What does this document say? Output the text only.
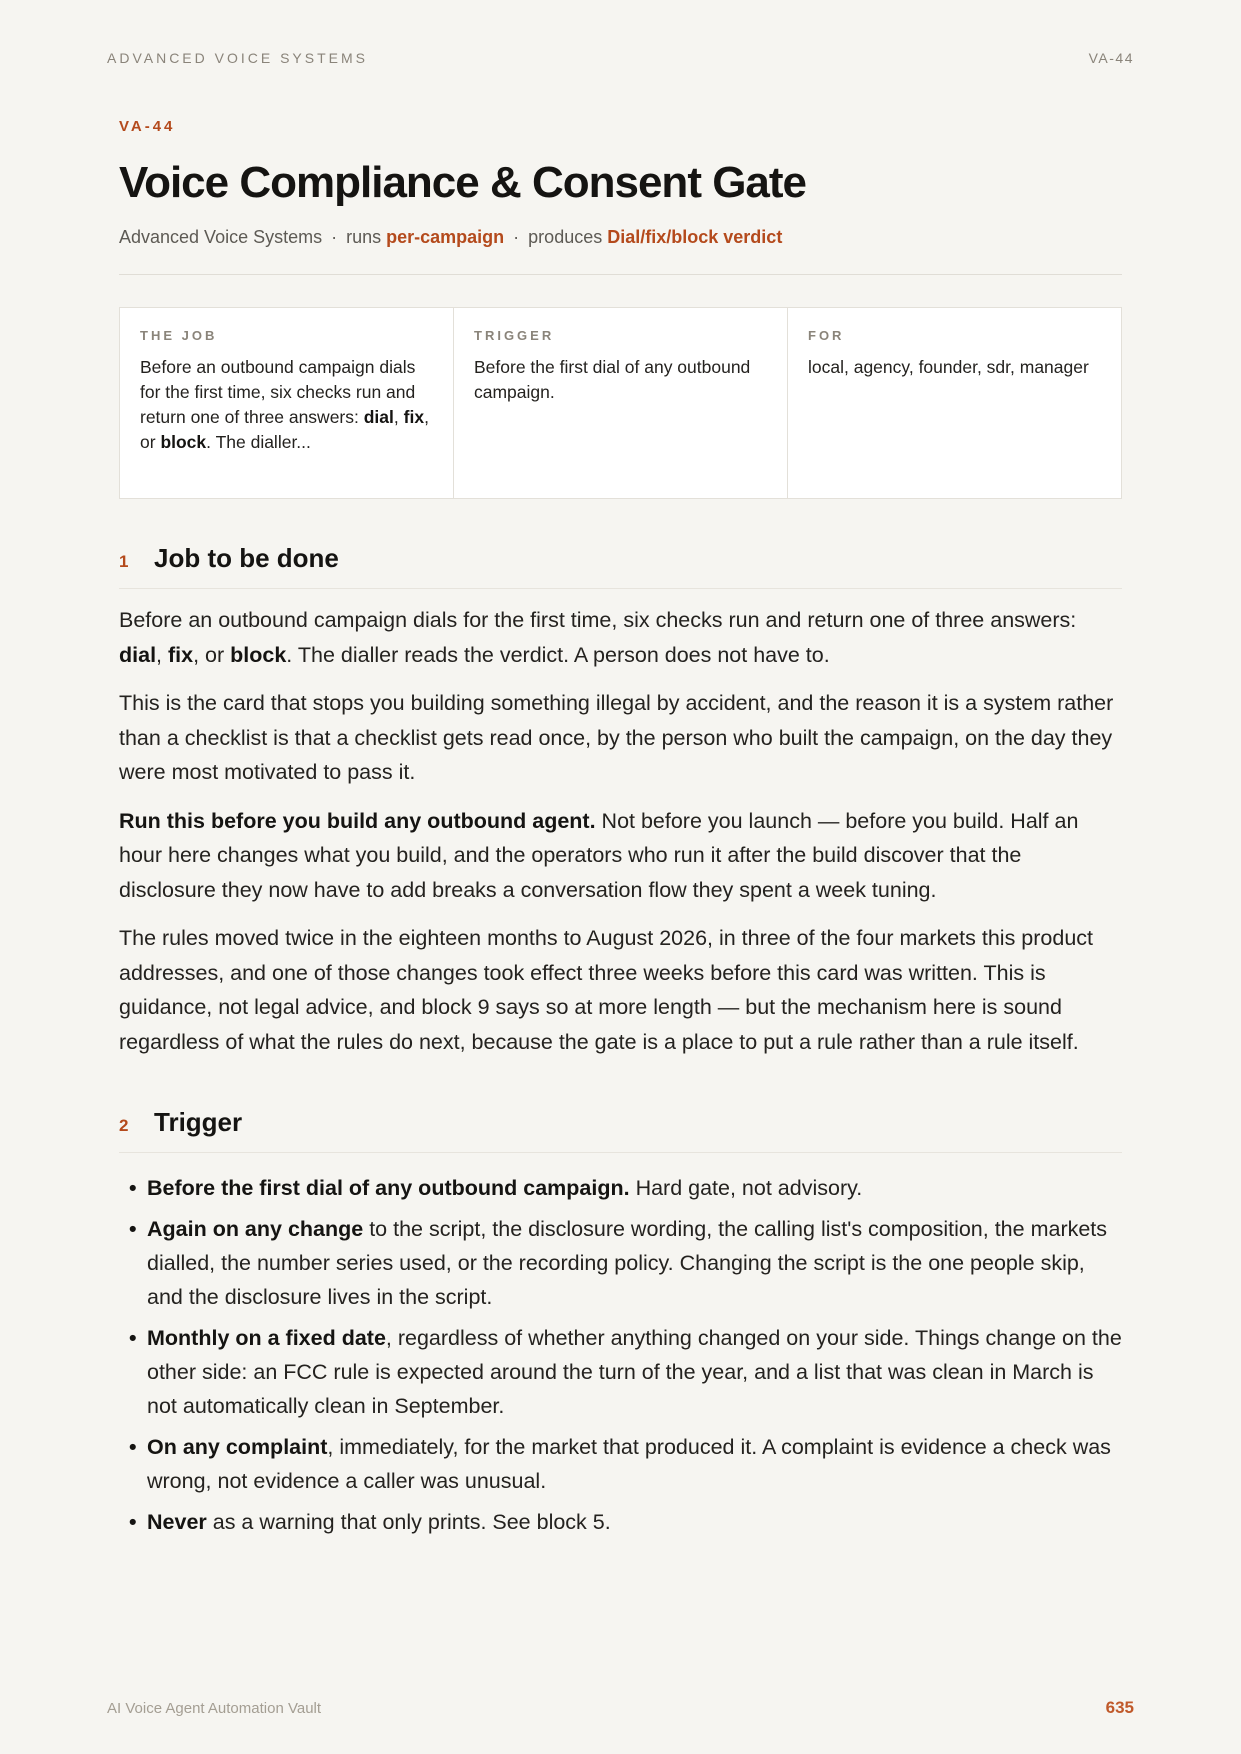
ADVANCED VOICE SYSTEMS	VA-44

VA-44

Voice Compliance & Consent Gate
Advanced Voice Systems · runs per-campaign · produces Dial/fix/block verdict
THE JOB
Before an outbound campaign dials for the first time, six checks run and return one of three answers: dial, fix, or block. The dialler...
TRIGGER
Before the first dial of any outbound campaign.
FOR
local, agency, founder, sdr, manager
1 Job to be done

Before an outbound campaign dials for the first time, six checks run and return one of three answers: dial, fix, or block. The dialler reads the verdict. A person does not have to.

This is the card that stops you building something illegal by accident, and the reason it is a system rather than a checklist is that a checklist gets read once, by the person who built the campaign, on the day they were most motivated to pass it.

Run this before you build any outbound agent. Not before you launch — before you build. Half an hour here changes what you build, and the operators who run it after the build discover that the disclosure they now have to add breaks a conversation flow they spent a week tuning.

The rules moved twice in the eighteen months to August 2026, in three of the four markets this product addresses, and one of those changes took effect three weeks before this card was written. This is guidance, not legal advice, and block 9 says so at more length — but the mechanism here is sound regardless of what the rules do next, because the gate is a place to put a rule rather than a rule itself.

2 Trigger
• Before the first dial of any outbound campaign. Hard gate, not advisory.
• Again on any change to the script, the disclosure wording, the calling list's composition, the markets dialled, the number series used, or the recording policy. Changing the script is the one people skip, and the disclosure lives in the script.
• Monthly on a fixed date, regardless of whether anything changed on your side. Things change on the other side: an FCC rule is expected around the turn of the year, and a list that was clean in March is not automatically clean in September.
• On any complaint, immediately, for the market that produced it. A complaint is evidence a check was wrong, not evidence a caller was unusual.
• Never as a warning that only prints. See block 5.
AI Voice Agent Automation Vault	635
